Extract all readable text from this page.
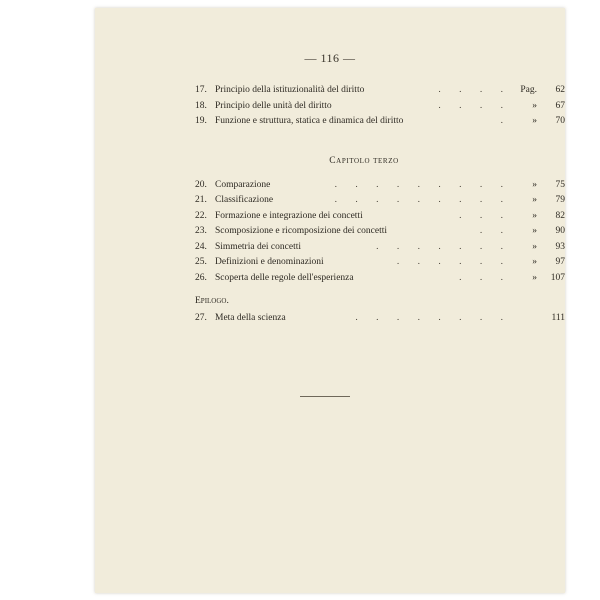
— 116 —
17. Principio della istituzionalità del diritto	. . . . Pag.	62
18. Principio delle unità del diritto	. . . .	»	67
19. Funzione e struttura, statica e dinamica del diritto	.	»	70
Capitolo terzo
20. Comparazione	. . . . . . . . .	»	75
21. Classificazione	. . . . . . . . .	»	79
22. Formazione e integrazione dei concetti	. . .	»	82
23. Scomposizione e ricomposizione dei concetti	. .	»	90
24. Simmetria dei concetti	. . . . . . .	»	93
25. Definizioni e denominazioni	. . . . . .	»	97
26. Scoperta delle regole dell'esperienza	. . .	»	107
Epilogo.
27. Meta della scienza	. . . . . . . .	111
